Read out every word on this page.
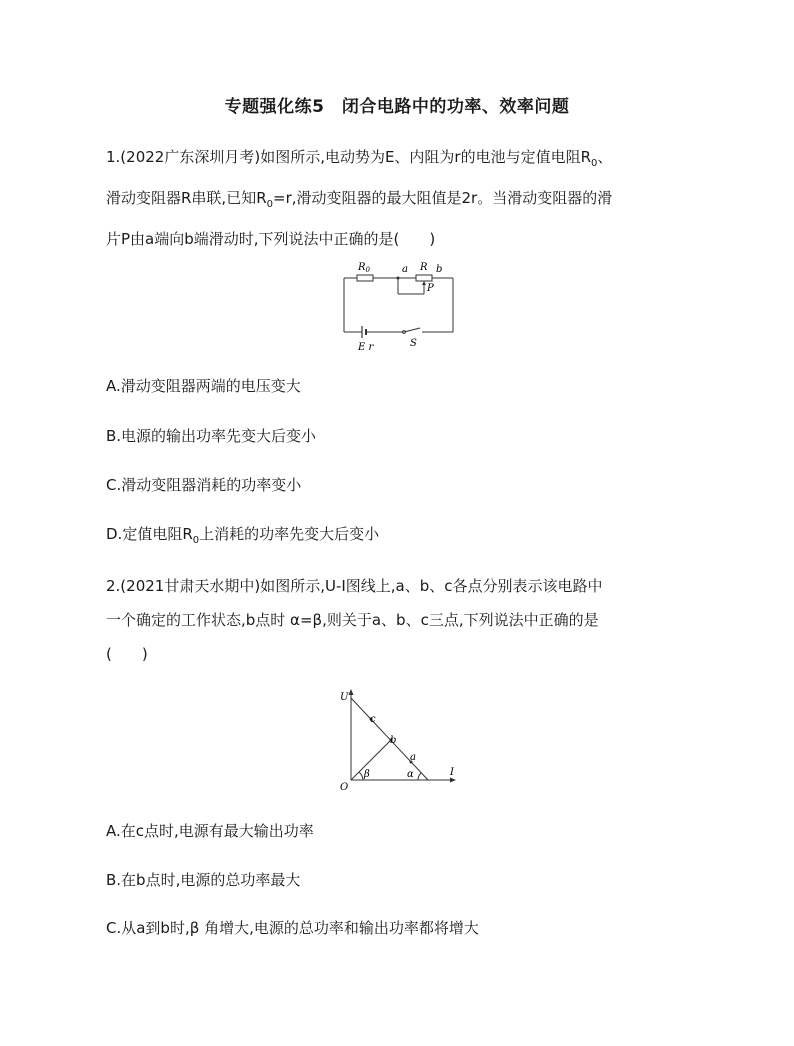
专题强化练5　闭合电路中的功率、效率问题
1.(2022广东深圳月考)如图所示,电动势为E、内阻为r的电池与定值电阻$R_0$、
滑动变阻器R串联,已知$R_0=r$,滑动变阻器的最大阻值是2r。当滑动变阻器的滑
片P由a端向b端滑动时,下列说法中正确的是(　　)
$R_0$	a R b
P
E r	S
A.滑动变阻器两端的电压变大
B.电源的输出功率先变大后变小
C.滑动变阻器消耗的功率变小
D.定值电阻$R_0$上消耗的功率先变大后变小
2.(2021甘肃天水期中)如图所示,U-I图线上,a、b、c各点分别表示该电路中
一个确定的工作状态,b点时 α=β,则关于a、b、c三点,下列说法中正确的是
(　　)
U
c
b
a
β	α	I
O
A.在c点时,电源有最大输出功率
B.在b点时,电源的总功率最大
C.从a到b时,β 角增大,电源的总功率和输出功率都将增大
